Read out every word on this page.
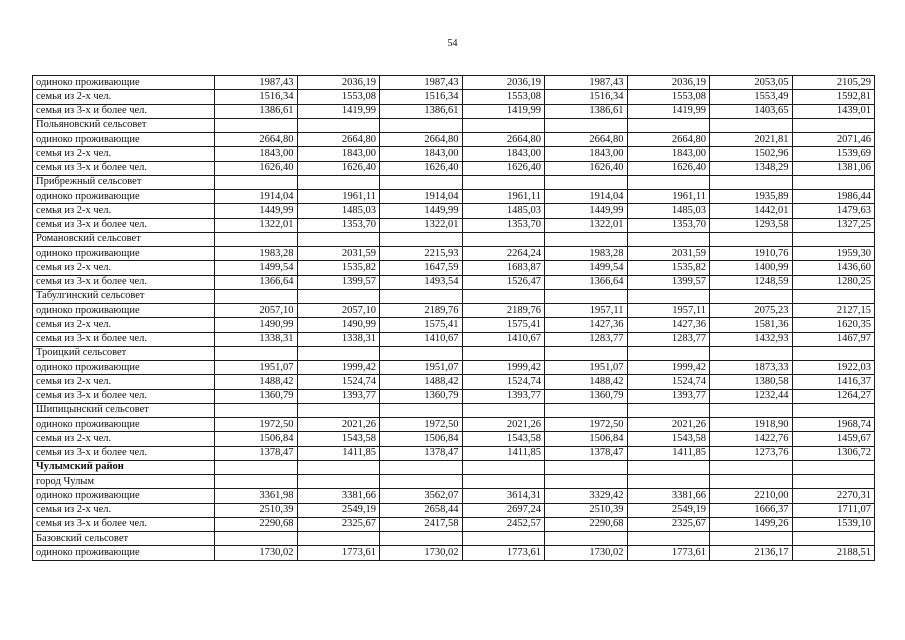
54
одиноко проживающие	1987,43	2036,19	1987,43	2036,19	1987,43	2036,19	2053,05	2105,29
семья из 2-х чел.	1516,34	1553,08	1516,34	1553,08	1516,34	1553,08	1553,49	1592,81
семья из 3-х и более чел.	1386,61	1419,99	1386,61	1419,99	1386,61	1419,99	1403,65	1439,01
Польяновский сельсовет								
одиноко проживающие	2664,80	2664,80	2664,80	2664,80	2664,80	2664,80	2021,81	2071,46
семья из 2-х чел.	1843,00	1843,00	1843,00	1843,00	1843,00	1843,00	1502,96	1539,69
семья из 3-х и более чел.	1626,40	1626,40	1626,40	1626,40	1626,40	1626,40	1348,29	1381,06
Прибрежный сельсовет								
одиноко проживающие	1914,04	1961,11	1914,04	1961,11	1914,04	1961,11	1935,89	1986,44
семья из 2-х чел.	1449,99	1485,03	1449,99	1485,03	1449,99	1485,03	1442,01	1479,63
семья из 3-х и более чел.	1322,01	1353,70	1322,01	1353,70	1322,01	1353,70	1293,58	1327,25
Романовский сельсовет								
одиноко проживающие	1983,28	2031,59	2215,93	2264,24	1983,28	2031,59	1910,76	1959,30
семья из 2-х чел.	1499,54	1535,82	1647,59	1683,87	1499,54	1535,82	1400,99	1436,60
семья из 3-х и более чел.	1366,64	1399,57	1493,54	1526,47	1366,64	1399,57	1248,59	1280,25
Табулгинский сельсовет								
одиноко проживающие	2057,10	2057,10	2189,76	2189,76	1957,11	1957,11	2075,23	2127,15
семья из 2-х чел.	1490,99	1490,99	1575,41	1575,41	1427,36	1427,36	1581,36	1620,35
семья из 3-х и более чел.	1338,31	1338,31	1410,67	1410,67	1283,77	1283,77	1432,93	1467,97
Троицкий сельсовет								
одиноко проживающие	1951,07	1999,42	1951,07	1999,42	1951,07	1999,42	1873,33	1922,03
семья из 2-х чел.	1488,42	1524,74	1488,42	1524,74	1488,42	1524,74	1380,58	1416,37
семья из 3-х и более чел.	1360,79	1393,77	1360,79	1393,77	1360,79	1393,77	1232,44	1264,27
Шипицынский сельсовет								
одиноко проживающие	1972,50	2021,26	1972,50	2021,26	1972,50	2021,26	1918,90	1968,74
семья из 2-х чел.	1506,84	1543,58	1506,84	1543,58	1506,84	1543,58	1422,76	1459,67
семья из 3-х и более чел.	1378,47	1411,85	1378,47	1411,85	1378,47	1411,85	1273,76	1306,72
Чулымский район								
город Чулым								
одиноко проживающие	3361,98	3381,66	3562,07	3614,31	3329,42	3381,66	2210,00	2270,31
семья из 2-х чел.	2510,39	2549,19	2658,44	2697,24	2510,39	2549,19	1666,37	1711,07
семья из 3-х и более чел.	2290,68	2325,67	2417,58	2452,57	2290,68	2325,67	1499,26	1539,10
Базовский сельсовет								
одиноко проживающие	1730,02	1773,61	1730,02	1773,61	1730,02	1773,61	2136,17	2188,51
